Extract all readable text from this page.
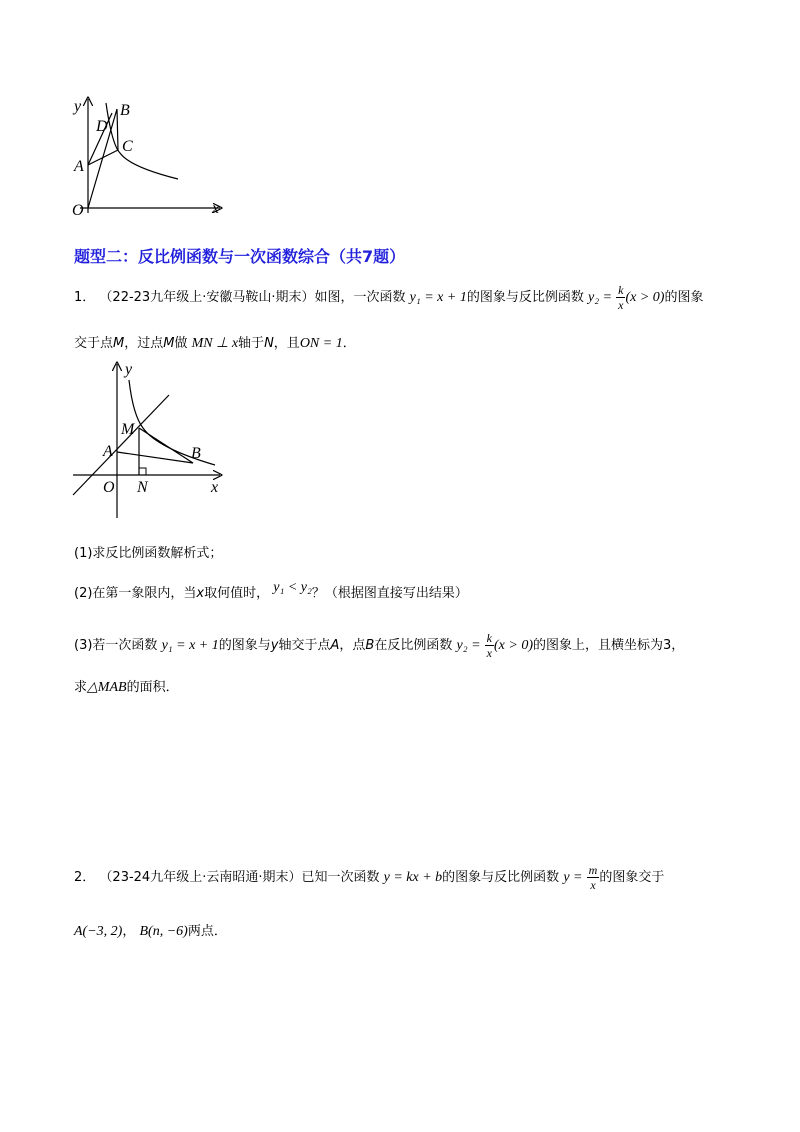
y
D
B
C
A
O	x
题型二：反比例函数与一次函数综合（共7题）
1． （22-23九年级上·安徽马鞍山·期末）如图，一次函数 y₁ = x + 1的图象与反比例函数 $y_2 = \frac{k}{x} (x > 0)$的图象
交于点M，过点M做 MN ⊥ x轴于N，且ON = 1．
y
M
A	B
O N	x
(1)求反比例函数解析式；
(2)在第一象限内，当x取何值时， y₁ < y₂？（根据图直接写出结果）
(3)若一次函数 y₁ = x + 1的图象与y轴交于点A，点B在反比例函数 $y_2 = \frac{k}{x} (x > 0)$的图象上，且横坐标为3，
求△MAB的面积．
2． （23-24九年级上·云南昭通·期末）已知一次函数 y = kx + b的图象与反比例函数 $y = \frac{m}{x}$ 的图象交于
A(−3, 2)， B(n, −6)两点．
